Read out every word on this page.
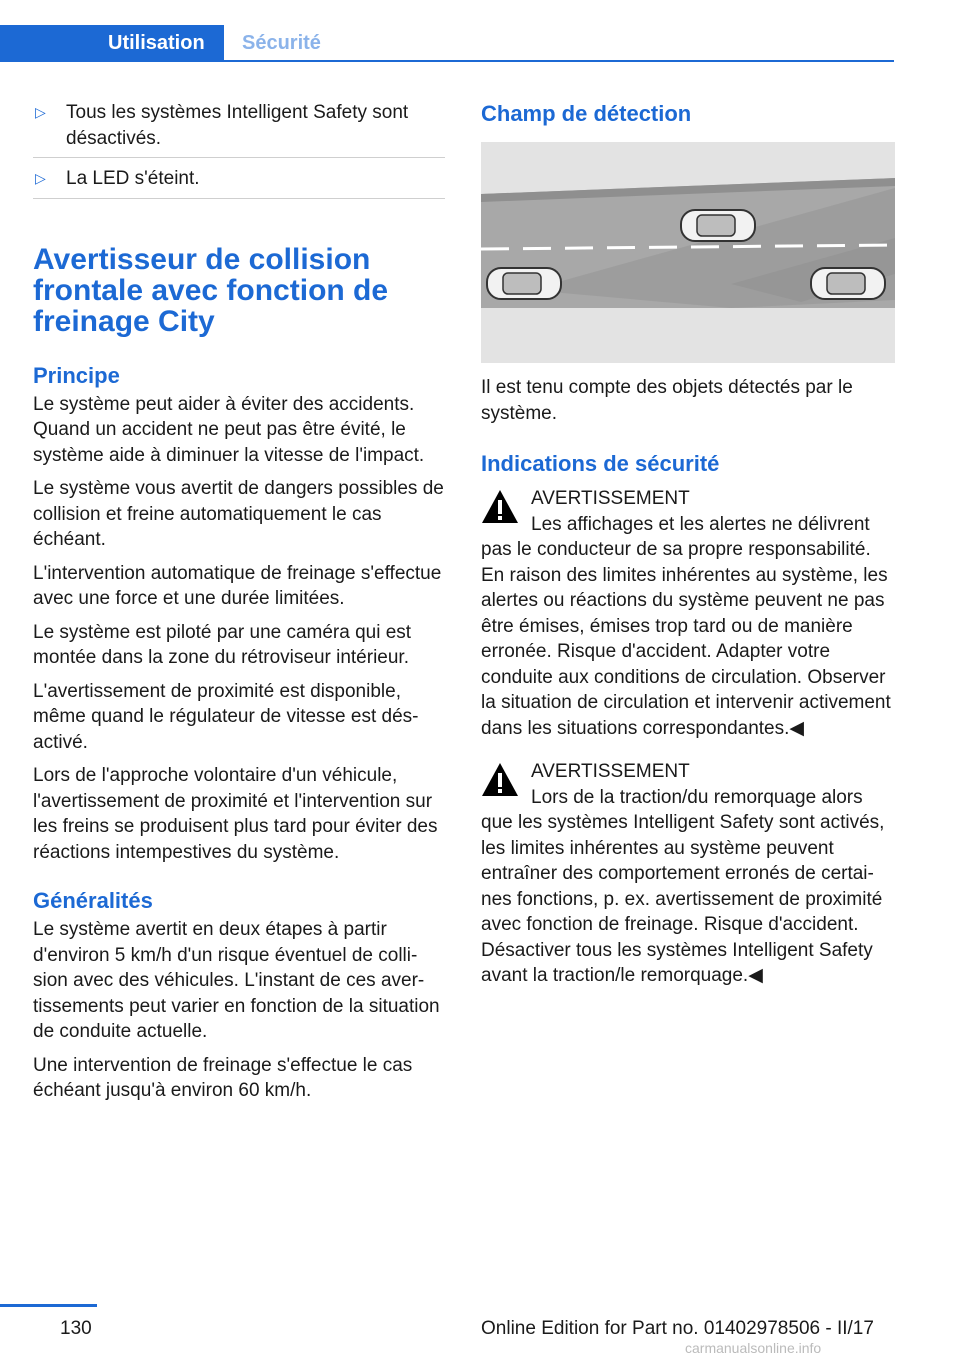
Utilisation	Sécurité
▷	Tous les systèmes Intelligent Safety sont désactivés.
▷	La LED s'éteint.
Avertisseur de collision frontale avec fonction de freinage City
Principe

Le système peut aider à éviter des accidents. Quand un accident ne peut pas être évité, le système aide à diminuer la vitesse de l'impact.

Le système vous avertit de dangers possibles de collision et freine automatiquement le cas échéant.

L'intervention automatique de freinage s'effectue avec une force et une durée limitées.

Le système est piloté par une caméra qui est montée dans la zone du rétroviseur intérieur.

L'avertissement de proximité est disponible, même quand le régulateur de vitesse est désactivé.

Lors de l'approche volontaire d'un véhicule, l'avertissement de proximité et l'intervention sur les freins se produisent plus tard pour éviter des réactions intempestives du système.

Généralités

Le système avertit en deux étapes à partir d'environ 5 km/h d'un risque éventuel de collision avec des véhicules. L'instant de ces avertissements peut varier en fonction de la situation de conduite actuelle.

Une intervention de freinage s'effectue le cas échéant jusqu'à environ 60 km/h.

Champ de détection

Il est tenu compte des objets détectés par le système.

Indications de sécurité
AVERTISSEMENT
Les affichages et les alertes ne délivrent

pas le conducteur de sa propre responsabilité. En raison des limites inhérentes au système, les alertes ou réactions du système peuvent ne pas être émises, émises trop tard ou de manière erronée. Risque d'accident. Adapter votre conduite aux conditions de circulation. Observer la situation de circulation et intervenir activement dans les situations correspondantes.◀

AVERTISSEMENT
Lors de la traction/du remorquage alors

que les systèmes Intelligent Safety sont activés, les limites inhérentes au système peuvent entraîner des comportement erronés de certaines fonctions, p. ex. avertissement de proximité avec fonction de freinage. Risque d'accident. Désactiver tous les systèmes Intelligent Safety avant la traction/le remorquage.◀

130	Online Edition for Part no. 01402978506 - II/17
carmanualsonline.info
